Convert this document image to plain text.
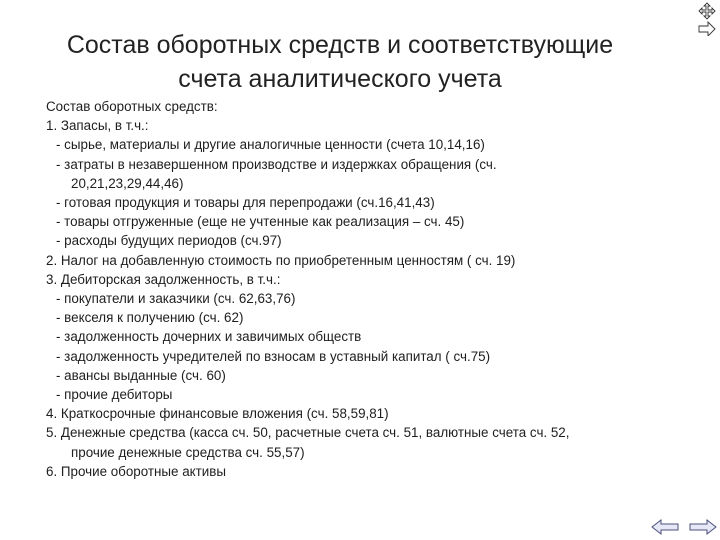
Состав оборотных средств и соответствующие
счета аналитического учета
Состав оборотных средств:
1. Запасы, в т.ч.:
- сырье, материалы и другие аналогичные ценности (счета 10,14,16)
- затраты в незавершенном производстве и издержках обращения (сч.
20,21,23,29,44,46)
- готовая продукция и товары для перепродажи (сч.16,41,43)
- товары отгруженные (еще не учтенные как реализация – сч. 45)
- расходы будущих периодов (сч.97)
2. Налог на добавленную стоимость по приобретенным ценностям ( сч. 19)
3. Дебиторская задолженность, в т.ч.:
- покупатели и заказчики (сч. 62,63,76)
- векселя к получению (сч. 62)
- задолженность дочерних и завичимых обществ
- задолженность учредителей по взносам в уставный капитал ( сч.75)
- авансы выданные (сч. 60)
- прочие дебиторы
4. Краткосрочные финансовые вложения (сч. 58,59,81)
5. Денежные средства (касса сч. 50, расчетные счета сч. 51, валютные счета сч. 52,
прочие денежные средства сч. 55,57)
6. Прочие оборотные активы
